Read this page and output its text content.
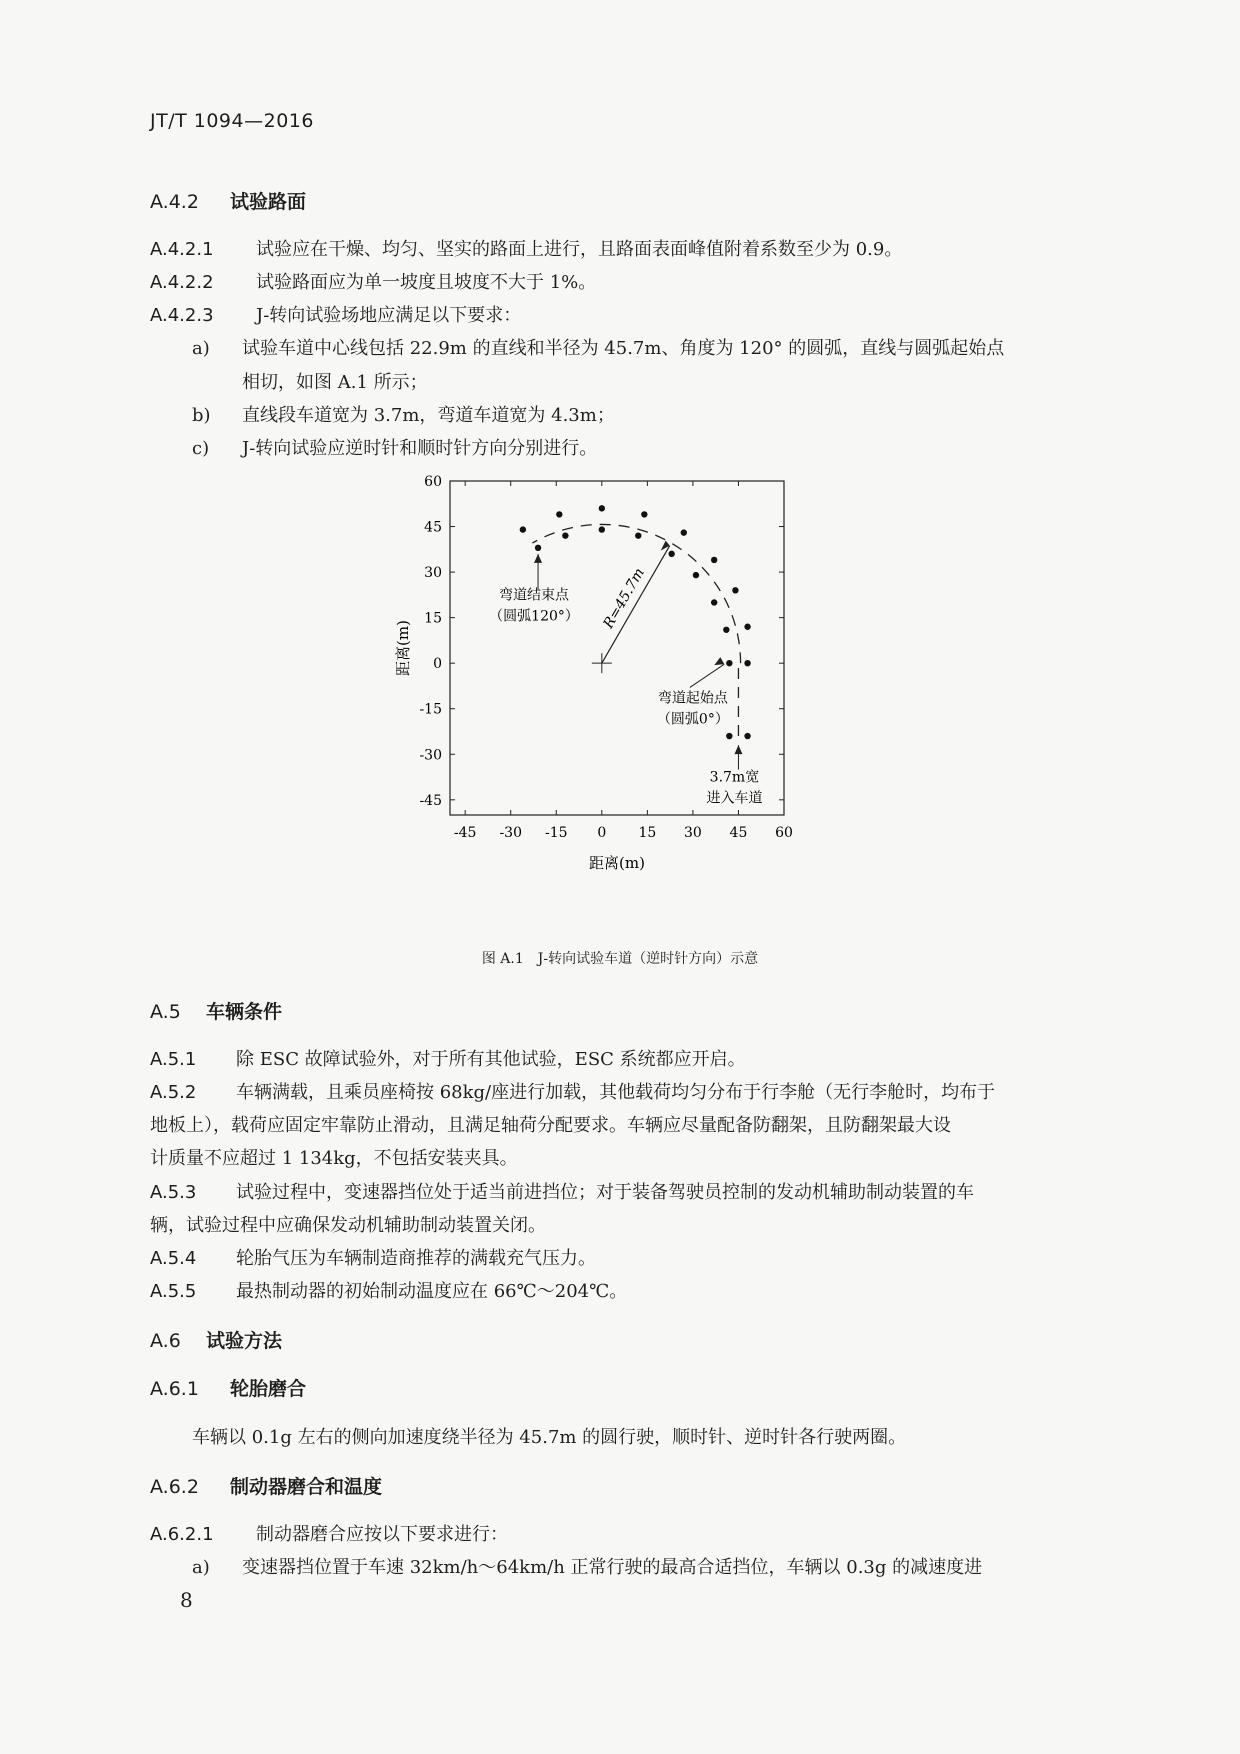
JT/T 1094—2016
A.4.2 试验路面
A.4.2.1 试验应在干燥、均匀、坚实的路面上进行，且路面表面峰值附着系数至少为 0.9。
A.4.2.2 试验路面应为单一坡度且坡度不大于 1%。
A.4.2.3 J-转向试验场地应满足以下要求：
a) 试验车道中心线包括 22.9m 的直线和半径为 45.7m、角度为 120° 的圆弧，直线与圆弧起始点
相切，如图 A.1 所示；
b) 直线段车道宽为 3.7m，弯道车道宽为 4.3m；
c) J-转向试验应逆时针和顺时针方向分别进行。
-45 -30 -15 0 15 30 45 60
-45
-30
-15
0
15
30
45
60
距离(m)
距离(m)
R=45.7m
弯道结束点
（圆弧120°）
弯道起始点
（圆弧0°）
3.7m宽
进入车道
图 A.1　J-转向试验车道（逆时针方向）示意
A.5 车辆条件
A.5.1 除 ESC 故障试验外，对于所有其他试验，ESC 系统都应开启。
A.5.2 车辆满载，且乘员座椅按 68kg/座进行加载，其他载荷均匀分布于行李舱（无行李舱时，均布于
地板上），载荷应固定牢靠防止滑动，且满足轴荷分配要求。车辆应尽量配备防翻架，且防翻架最大设
计质量不应超过 1 134kg，不包括安装夹具。
A.5.3 试验过程中，变速器挡位处于适当前进挡位；对于装备驾驶员控制的发动机辅助制动装置的车
辆，试验过程中应确保发动机辅助制动装置关闭。
A.5.4 轮胎气压为车辆制造商推荐的满载充气压力。
A.5.5 最热制动器的初始制动温度应在 66℃～204℃。
A.6 试验方法
A.6.1 轮胎磨合
车辆以 0.1g 左右的侧向加速度绕半径为 45.7m 的圆行驶，顺时针、逆时针各行驶两圈。
A.6.2 制动器磨合和温度
A.6.2.1 制动器磨合应按以下要求进行：
a) 变速器挡位置于车速 32km/h～64km/h 正常行驶的最高合适挡位，车辆以 0.3g 的减速度进
8
